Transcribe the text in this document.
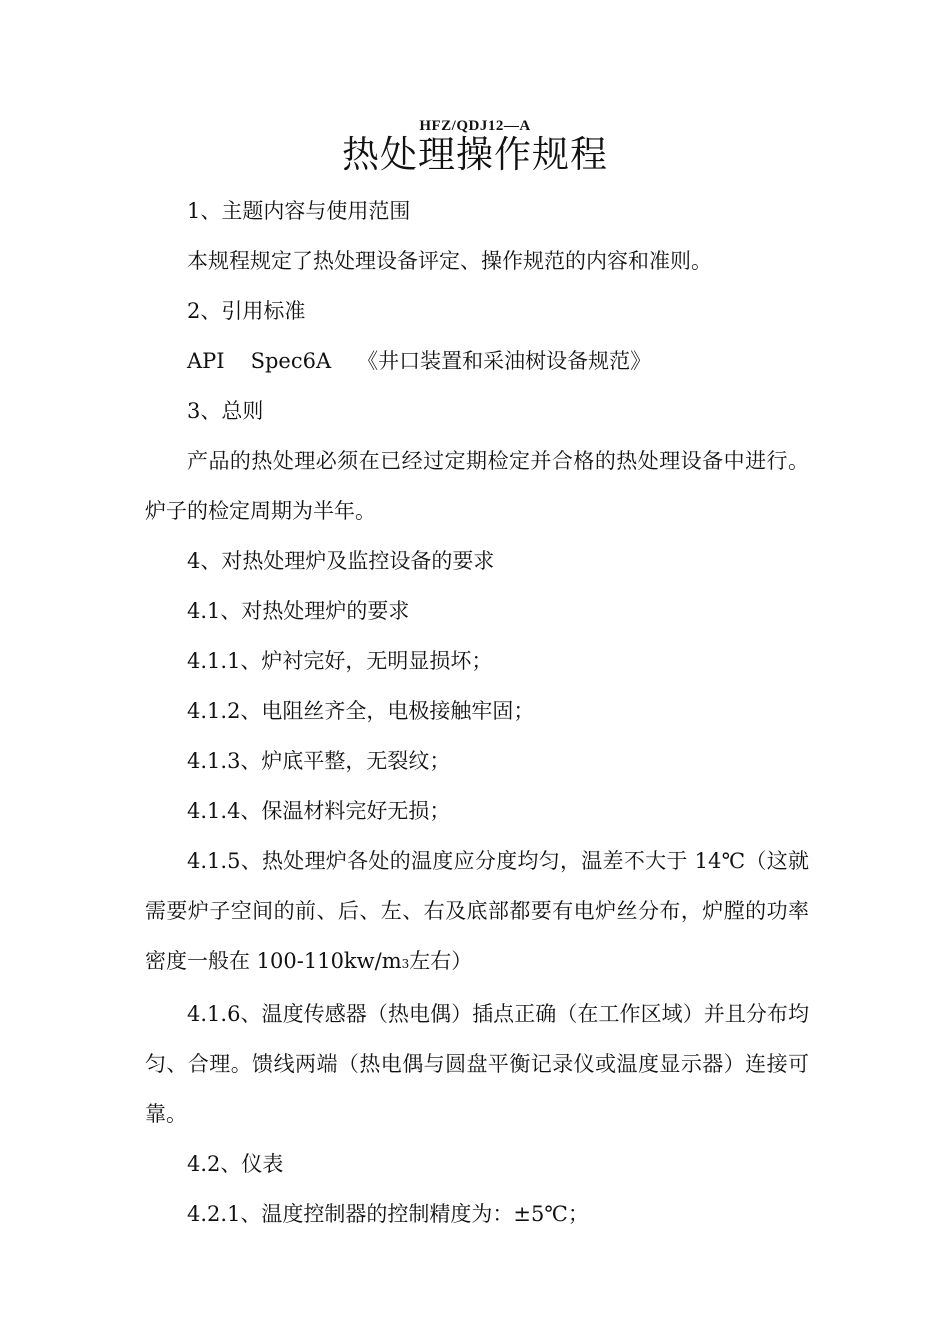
HFZ/QDJ12—A
热处理操作规程

1、主题内容与使用范围

本规程规定了热处理设备评定、操作规范的内容和准则。

2、引用标准

API Spec6A 《井口装置和采油树设备规范》

3、总则

产品的热处理必须在已经过定期检定并合格的热处理设备中进行。炉子的检定周期为半年。

4、对热处理炉及监控设备的要求

4.1、对热处理炉的要求

4.1.1、炉衬完好，无明显损坏；

4.1.2、电阻丝齐全，电极接触牢固；

4.1.3、炉底平整，无裂纹；

4.1.4、保温材料完好无损；

4.1.5、热处理炉各处的温度应分度均匀，温差不大于 14℃（这就需要炉子空间的前、后、左、右及底部都要有电炉丝分布，炉膛的功率密度一般在 100-110kw/m3左右）

4.1.6、温度传感器（热电偶）插点正确（在工作区域）并且分布均匀、合理。馈线两端（热电偶与圆盘平衡记录仪或温度显示器）连接可靠。

4.2、仪表

4.2.1、温度控制器的控制精度为：±5℃；
